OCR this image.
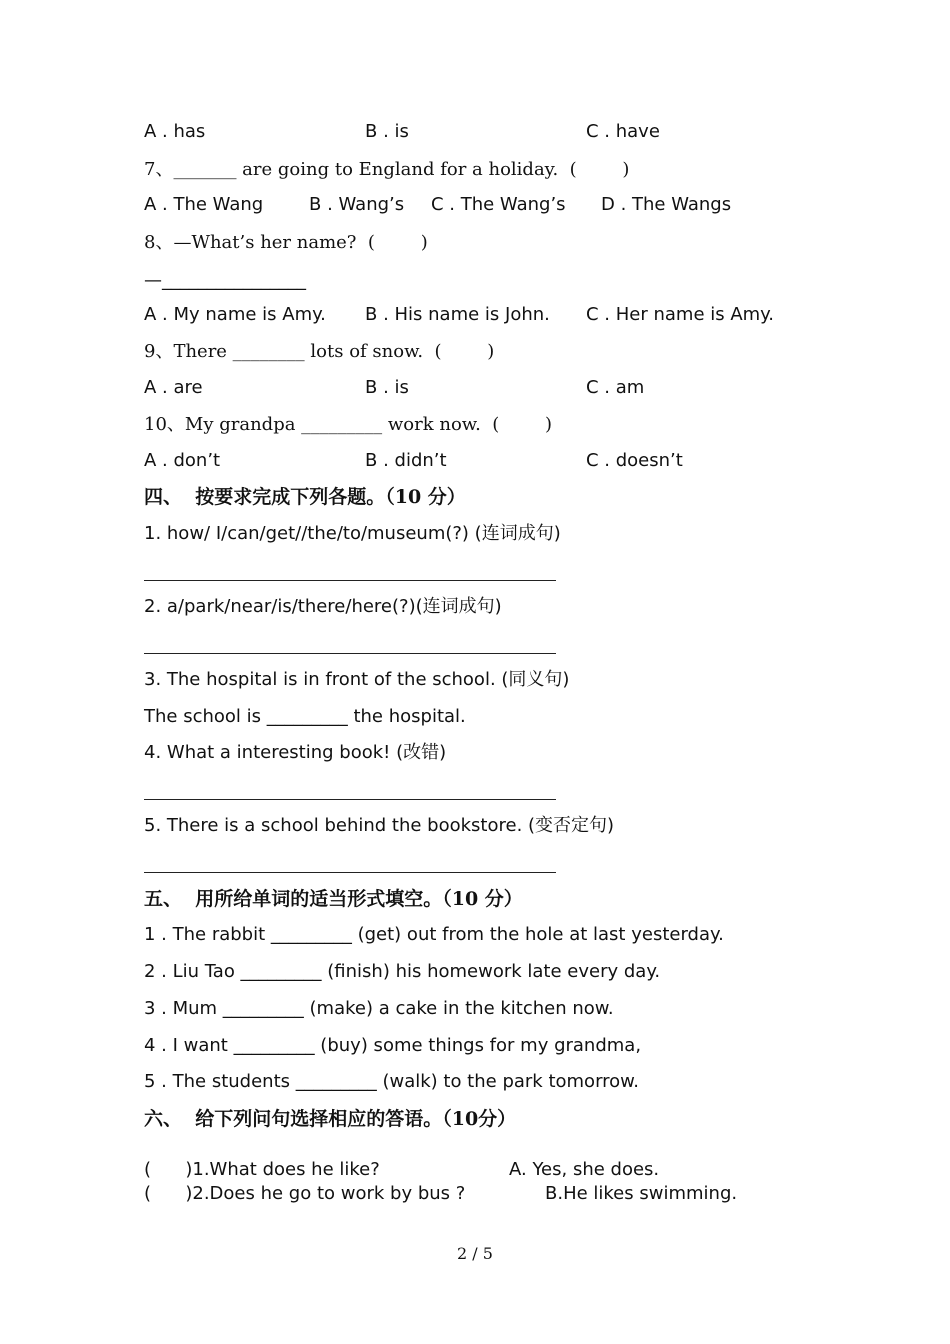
A . has	B . is	C . have
7、_______ are going to England for a holiday.  (        )
A . The Wang	B . Wang’s C . The Wang’s D . The Wangs
8、—What’s her name?  (        )
—________________
A . My name is Amy. B . His name is John. C . Her name is Amy.
9、There ________ lots of snow.  (        )
A . are	B . is	C . am
10、My grandpa _________ work now.  (        )
A . don’t	B . didn’t	C . doesn’t
四、  按要求完成下列各题。（10 分）
1. how/ I/can/get//the/to/museum(?) (连词成句)
2. a/park/near/is/there/here(?)(连词成句)
3. The hospital is in front of the school. (同义句)
The school is _________ the hospital.
4. What a interesting book! (改错)
5. There is a school behind the bookstore. (变否定句)
五、  用所给单词的适当形式填空。（10 分）
1 . The rabbit _________ (get) out from the hole at last yesterday.
2 . Liu Tao _________ (finish) his homework late every day.
3 . Mum _________ (make) a cake in the kitchen now.
4 . I want _________ (buy) some things for my grandma,
5 . The students _________ (walk) to the park tomorrow.
六、  给下列问句选择相应的答语。（10分）
(      )1.What does he like?	A. Yes, she does.
(      )2.Does he go to work by bus ?	B.He likes swimming.
2 / 5
